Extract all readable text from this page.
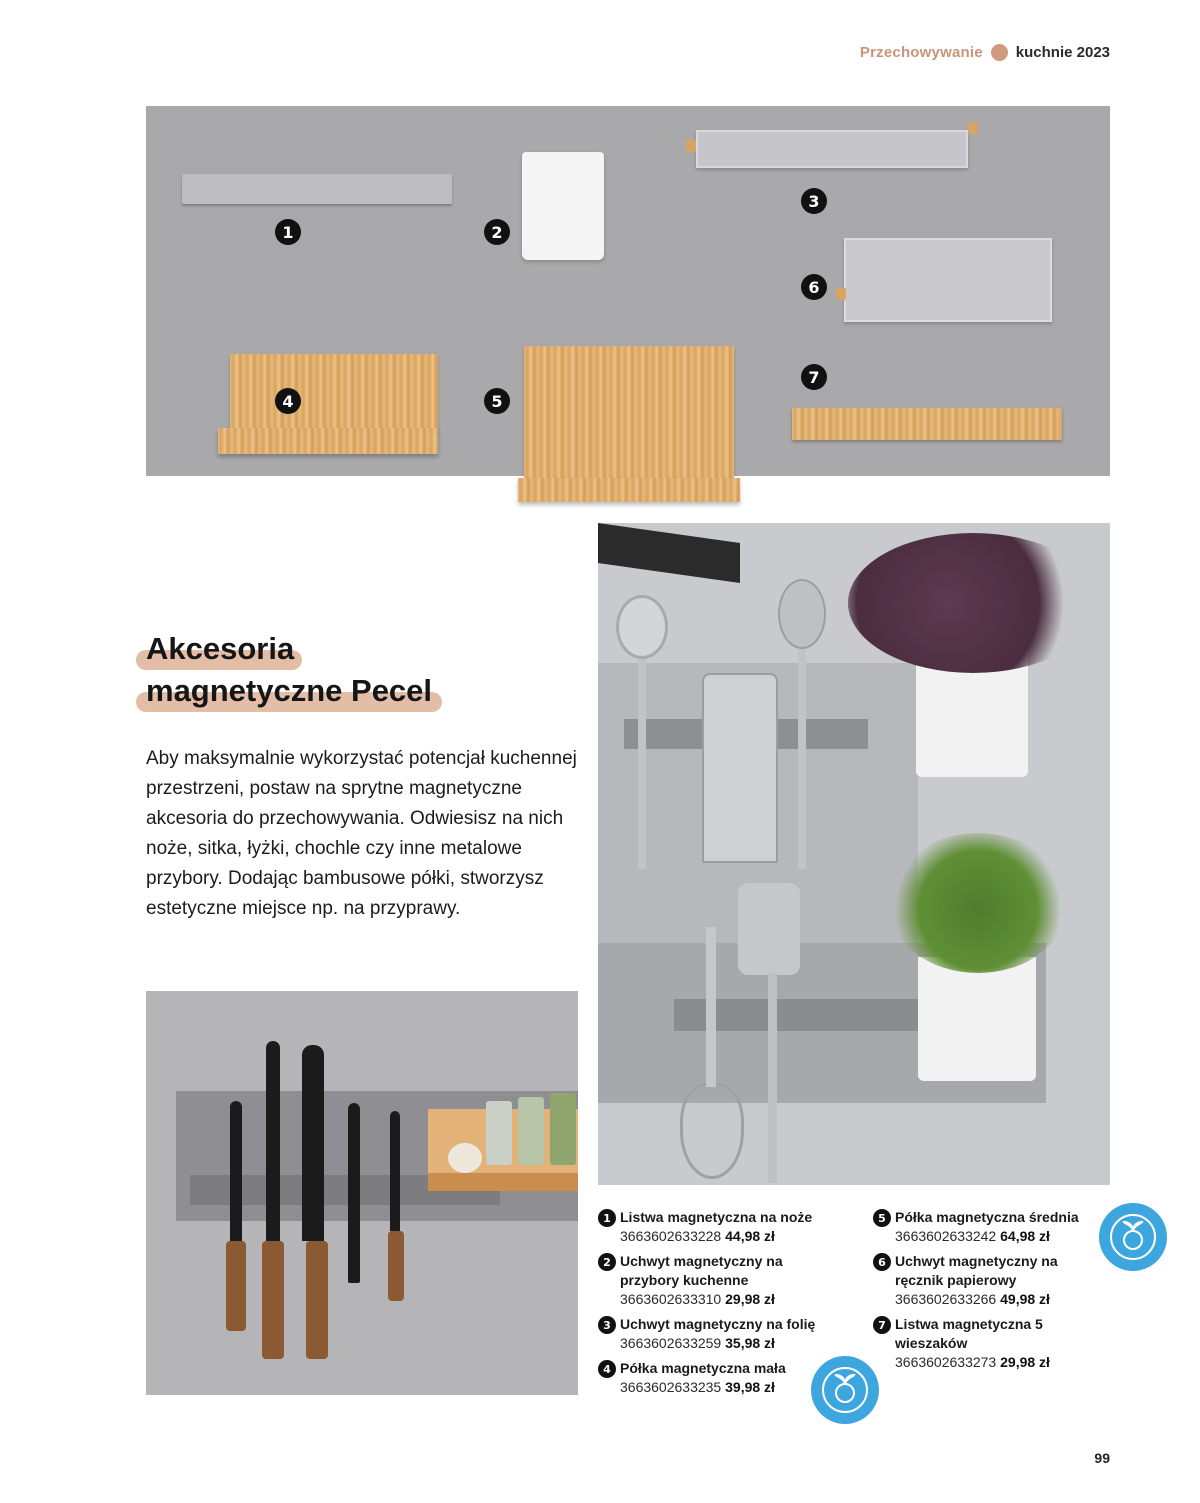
Przechowywanie kuchnie 2023
1	2
3
6
4	5
7
Akcesoria

magnetyczne Pecel

Aby maksymalnie wykorzystać potencjał kuchennej przestrzeni, postaw na sprytne magnetyczne akcesoria do przechowywania. Odwiesisz na nich noże, sitka, łyżki, chochle czy inne metalowe przybory. Dodając bambusowe półki, stworzysz estetyczne miejsce np. na przyprawy.

1 Listwa magnetyczna na noże
3663602633228 44,98 zł
2 Uchwyt magnetyczny na przybory kuchenne
3663602633310 29,98 zł
3 Uchwyt magnetyczny na folię
3663602633259 35,98 zł
4 Półka magnetyczna mała
3663602633235 39,98 zł
5 Półka magnetyczna średnia
3663602633242 64,98 zł
6 Uchwyt magnetyczny na ręcznik papierowy
3663602633266 49,98 zł
7 Listwa magnetyczna 5 wieszaków
3663602633273 29,98 zł
99
